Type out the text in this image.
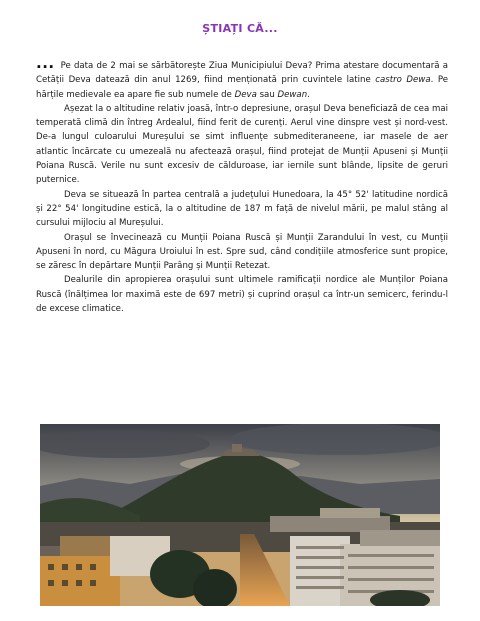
ȘTIAȚI CĂ...

... Pe data de 2 mai se sărbătorește Ziua Municipiului Deva? Prima atestare documentară a Cetății Deva datează din anul 1269, fiind menționată prin cuvintele latine castro Dewa. Pe hărțile medievale ea apare fie sub numele de Deva sau Dewan.

Așezat la o altitudine relativ joasă, într-o depresiune, orașul Deva beneficiază de cea mai temperată climă din întreg Ardealul, fiind ferit de curenți. Aerul vine dinspre vest și nord-vest. De-a lungul culoarului Mureșului se simt influențe submediteraneene, iar masele de aer atlantic încărcate cu umezeală nu afectează orașul, fiind protejat de Munții Apuseni și Munții Poiana Ruscă. Verile nu sunt excesiv de călduroase, iar iernile sunt blânde, lipsite de geruri puternice.

Deva se situează în partea centrală a județului Hunedoara, la 45° 52' latitudine nordică și 22° 54' longitudine estică, la o altitudine de 187 m față de nivelul mării, pe malul stâng al cursului mijlociu al Mureșului.

Orașul se învecinează cu Munții Poiana Ruscă și Munții Zarandului în vest, cu Munții Apuseni în nord, cu Măgura Uroiului în est. Spre sud, când condițiile atmosferice sunt propice, se zăresc în depărtare Munții Parâng și Munții Retezat.

Dealurile din apropierea orașului sunt ultimele ramificații nordice ale Munților Poiana Ruscă (înălțimea lor maximă este de 697 metri) și cuprind orașul ca într-un semicerc, ferindu-l de excese climatice.
